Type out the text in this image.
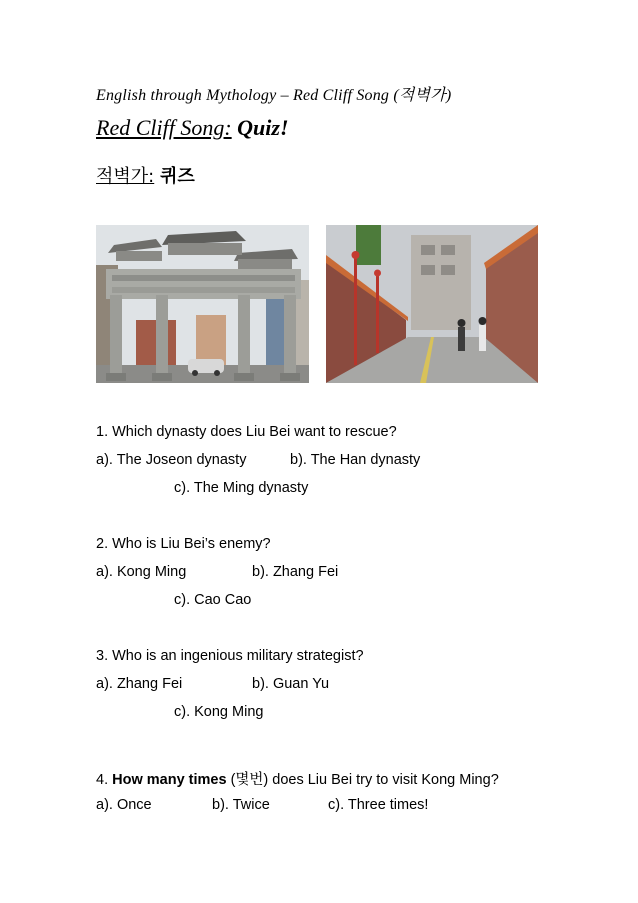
English through Mythology – Red Cliff Song (적벽가)
Red Cliff Song: Quiz!
적벽가: 퀴즈
1. Which dynasty does Liu Bei want to rescue?
a). The Joseon dynasty	b). The Han dynasty
c). The Ming dynasty
2. Who is Liu Bei’s enemy?
a). Kong Ming	b). Zhang Fei
c). Cao Cao
3. Who is an ingenious military strategist?
a). Zhang Fei	b). Guan Yu
c). Kong Ming
4. How many times (몇번) does Liu Bei try to visit Kong Ming?
a). Once	b). Twice	c). Three times!
